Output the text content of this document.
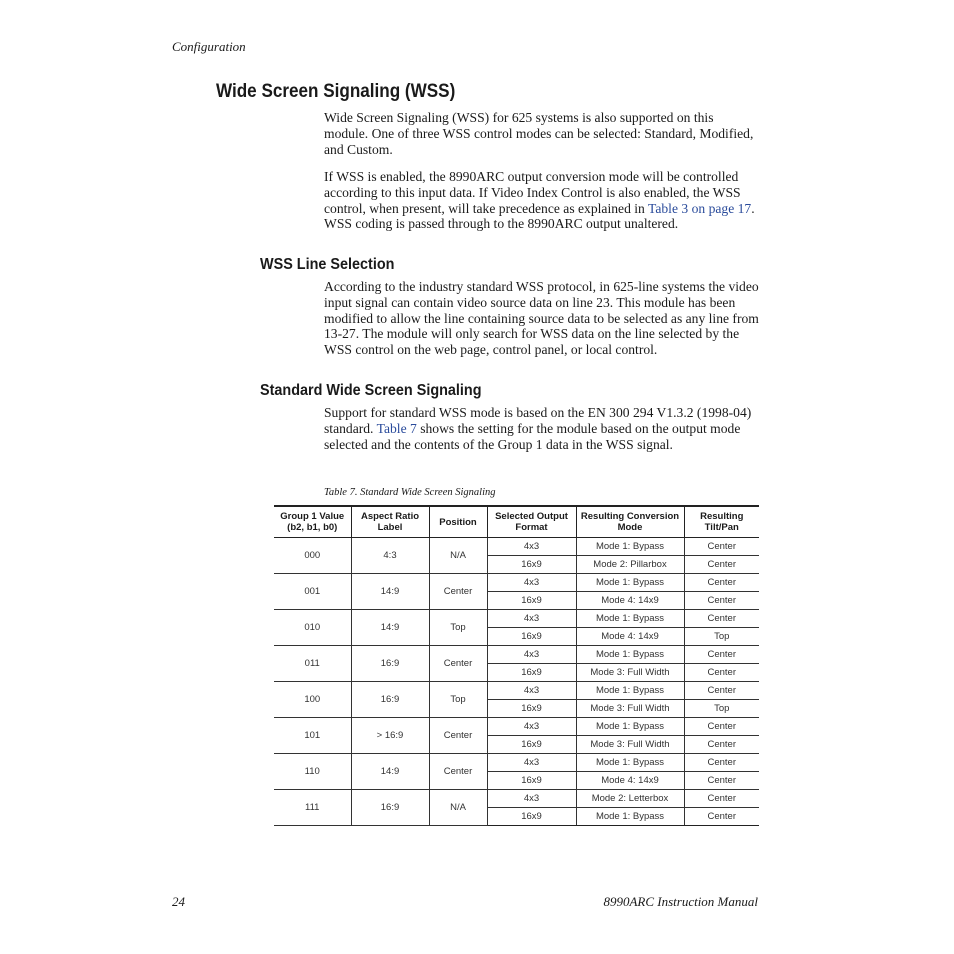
Configuration
Wide Screen Signaling (WSS)
Wide Screen Signaling (WSS) for 625 systems is also supported on this module. One of three WSS control modes can be selected: Standard, Modified, and Custom.
If WSS is enabled, the 8990ARC output conversion mode will be controlled according to this input data. If Video Index Control is also enabled, the WSS control, when present, will take precedence as explained in Table 3 on page 17. WSS coding is passed through to the 8990ARC output unaltered.
WSS Line Selection
According to the industry standard WSS protocol, in 625-line systems the video input signal can contain video source data on line 23. This module has been modified to allow the line containing source data to be selected as any line from 13-27. The module will only search for WSS data on the line selected by the WSS control on the web page, control panel, or local control.
Standard Wide Screen Signaling
Support for standard WSS mode is based on the EN 300 294 V1.3.2 (1998-04) standard. Table 7 shows the setting for the module based on the output mode selected and the contents of the Group 1 data in the WSS signal.
Table 7. Standard Wide Screen Signaling
Group 1 Value (b2, b1, b0)	Aspect Ratio Label	Position	Selected Output Format	Resulting Conversion Mode	Resulting Tilt/Pan
000	4:3	N/A	4x3	Mode 1: Bypass	Center
			16x9	Mode 2: Pillarbox	Center
001	14:9	Center	4x3	Mode 1: Bypass	Center
			16x9	Mode 4: 14x9	Center
010	14:9	Top	4x3	Mode 1: Bypass	Center
			16x9	Mode 4: 14x9	Top
011	16:9	Center	4x3	Mode 1: Bypass	Center
			16x9	Mode 3: Full Width	Center
100	16:9	Top	4x3	Mode 1: Bypass	Center
			16x9	Mode 3: Full Width	Top
101	> 16:9	Center	4x3	Mode 1: Bypass	Center
			16x9	Mode 3: Full Width	Center
110	14:9	Center	4x3	Mode 1: Bypass	Center
			16x9	Mode 4: 14x9	Center
111	16:9	N/A	4x3	Mode 2: Letterbox	Center
			16x9	Mode 1: Bypass	Center
24	8990ARC Instruction Manual
